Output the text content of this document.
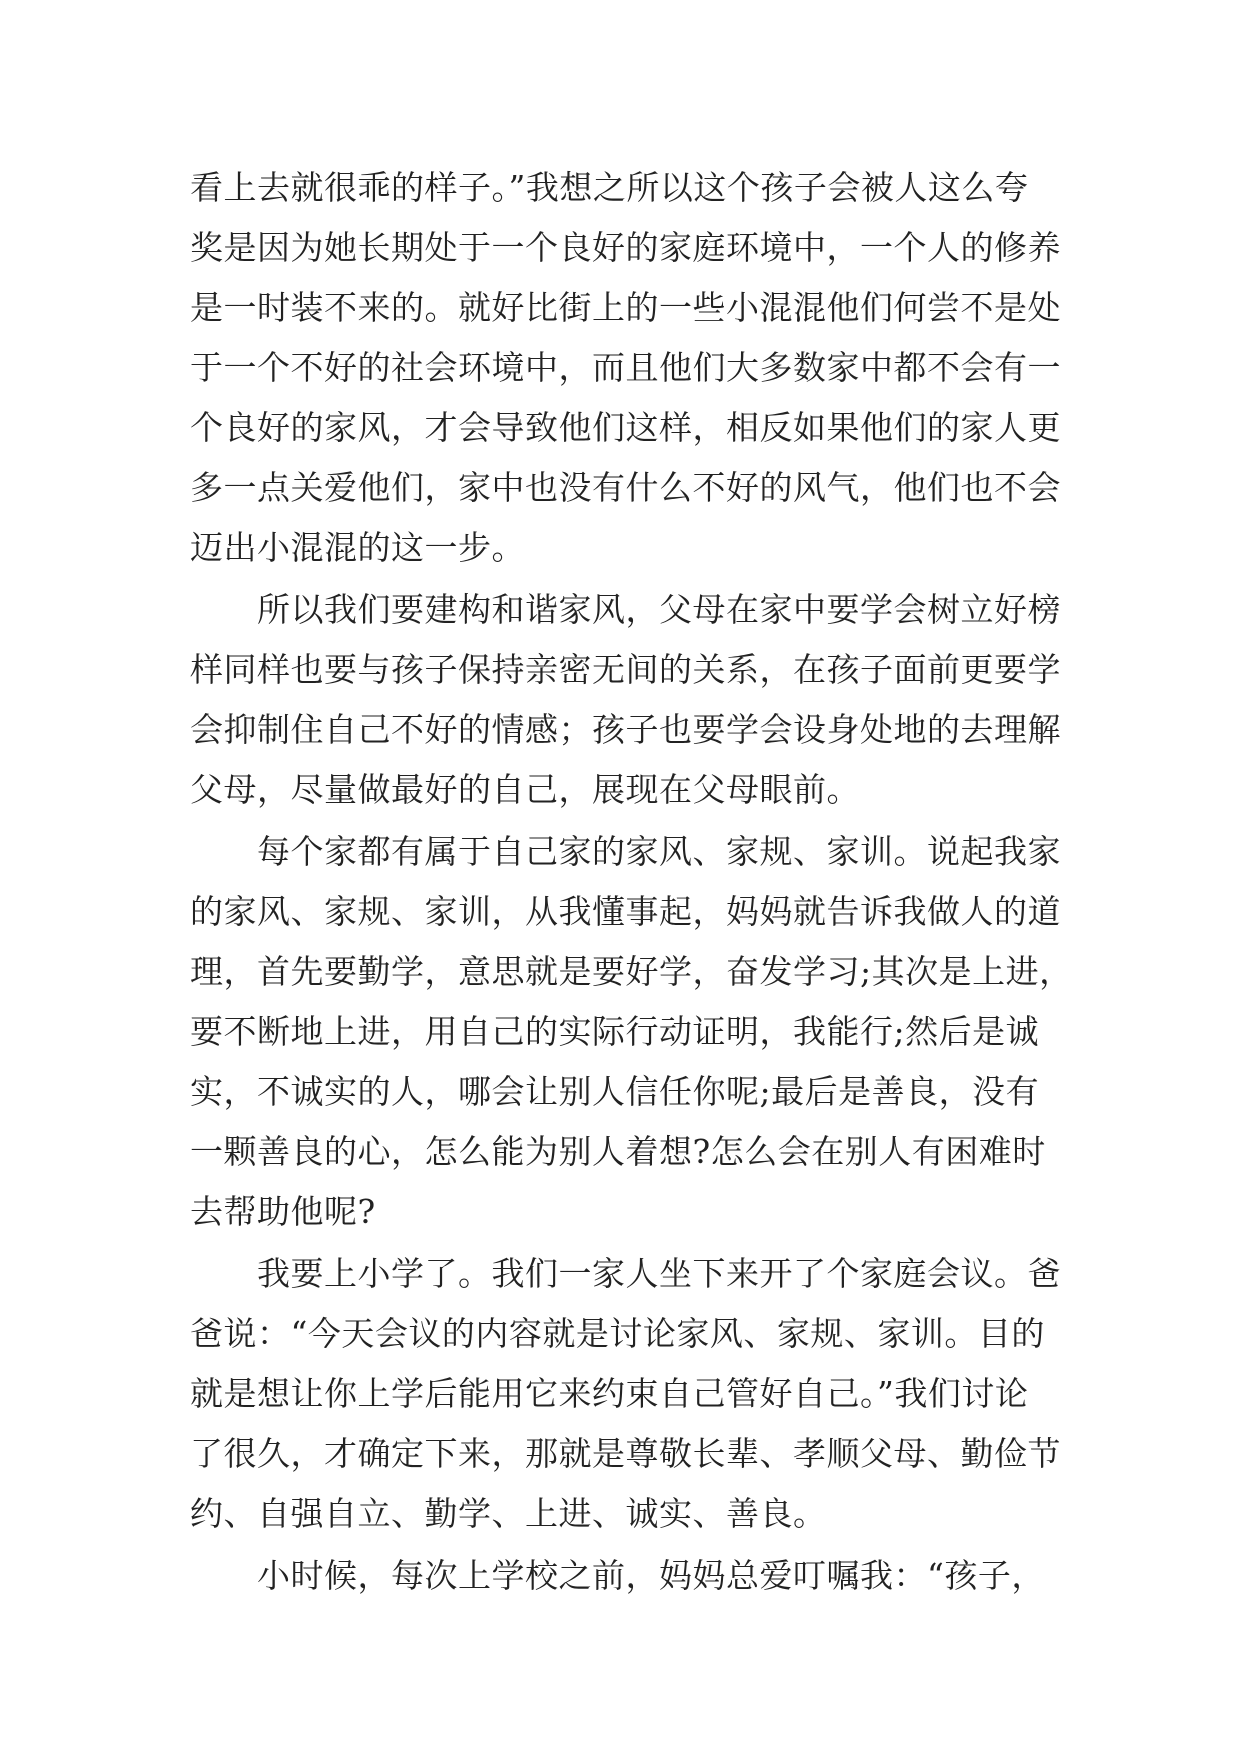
看上去就很乖的样子。”我想之所以这个孩子会被人这么夸
奖是因为她长期处于一个良好的家庭环境中，一个人的修养
是一时装不来的。就好比街上的一些小混混他们何尝不是处
于一个不好的社会环境中，而且他们大多数家中都不会有一
个良好的家风，才会导致他们这样，相反如果他们的家人更
多一点关爱他们，家中也没有什么不好的风气，他们也不会
迈出小混混的这一步。
　　所以我们要建构和谐家风，父母在家中要学会树立好榜
样同样也要与孩子保持亲密无间的关系，在孩子面前更要学
会抑制住自己不好的情感；孩子也要学会设身处地的去理解
父母，尽量做最好的自己，展现在父母眼前。
　　每个家都有属于自己家的家风、家规、家训。说起我家
的家风、家规、家训，从我懂事起，妈妈就告诉我做人的道
理，首先要勤学，意思就是要好学，奋发学习;其次是上进，
要不断地上进，用自己的实际行动证明，我能行;然后是诚
实，不诚实的人，哪会让别人信任你呢;最后是善良，没有
一颗善良的心，怎么能为别人着想?怎么会在别人有困难时
去帮助他呢?
　　我要上小学了。我们一家人坐下来开了个家庭会议。爸
爸说：“今天会议的内容就是讨论家风、家规、家训。目的
就是想让你上学后能用它来约束自己管好自己。”我们讨论
了很久，才确定下来，那就是尊敬长辈、孝顺父母、勤俭节
约、自强自立、勤学、上进、诚实、善良。
　　小时候，每次上学校之前，妈妈总爱叮嘱我：“孩子，
